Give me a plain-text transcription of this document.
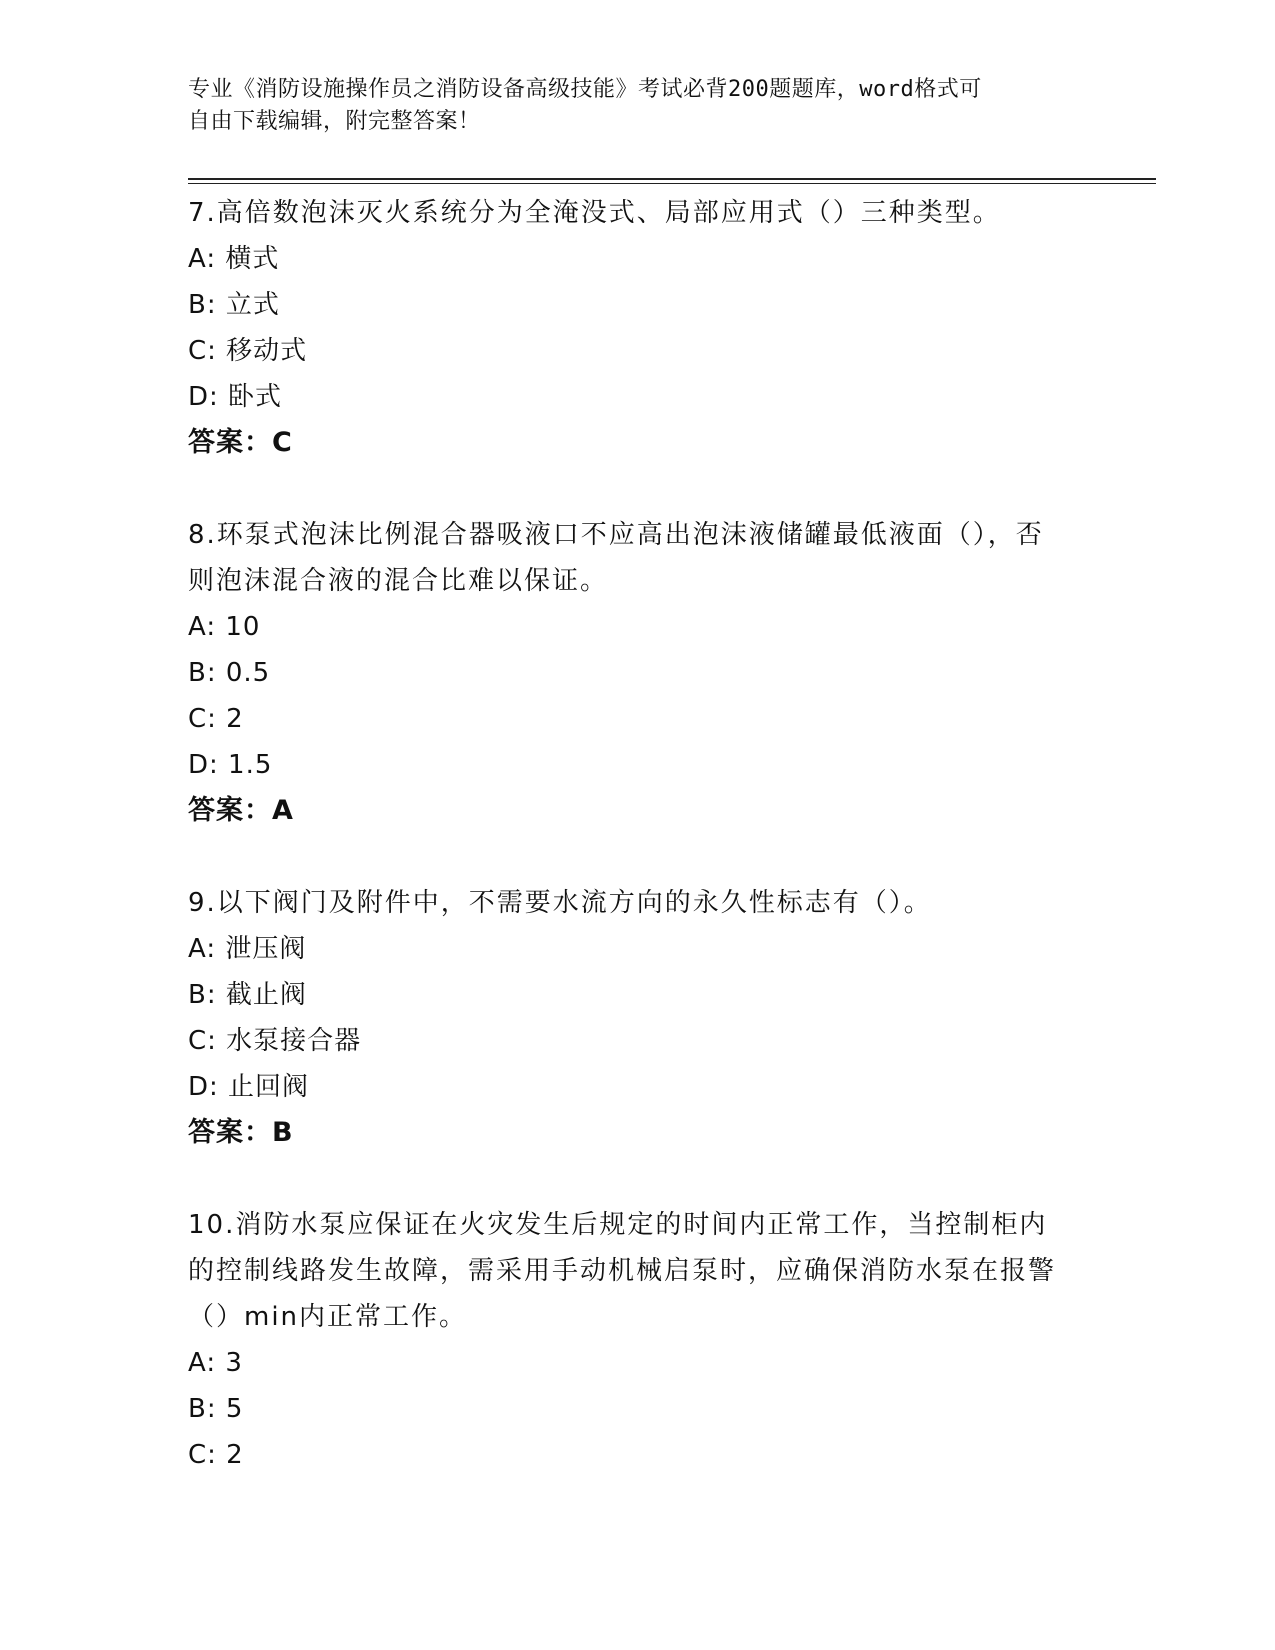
专业《消防设施操作员之消防设备高级技能》考试必背200题题库，word格式可
自由下载编辑，附完整答案！
7.高倍数泡沫灭火系统分为全淹没式、局部应用式（）三种类型。
A: 横式
B: 立式
C: 移动式
D: 卧式
答案：C
8.环泵式泡沫比例混合器吸液口不应高出泡沫液储罐最低液面（），否则泡沫混合液的混合比难以保证。
A: 10
B: 0.5
C: 2
D: 1.5
答案：A
9.以下阀门及附件中，不需要水流方向的永久性标志有（）。
A: 泄压阀
B: 截止阀
C: 水泵接合器
D: 止回阀
答案：B
10.消防水泵应保证在火灾发生后规定的时间内正常工作，当控制柜内的控制线路发生故障，需采用手动机械启泵时，应确保消防水泵在报警（）min内正常工作。
A: 3
B: 5
C: 2
